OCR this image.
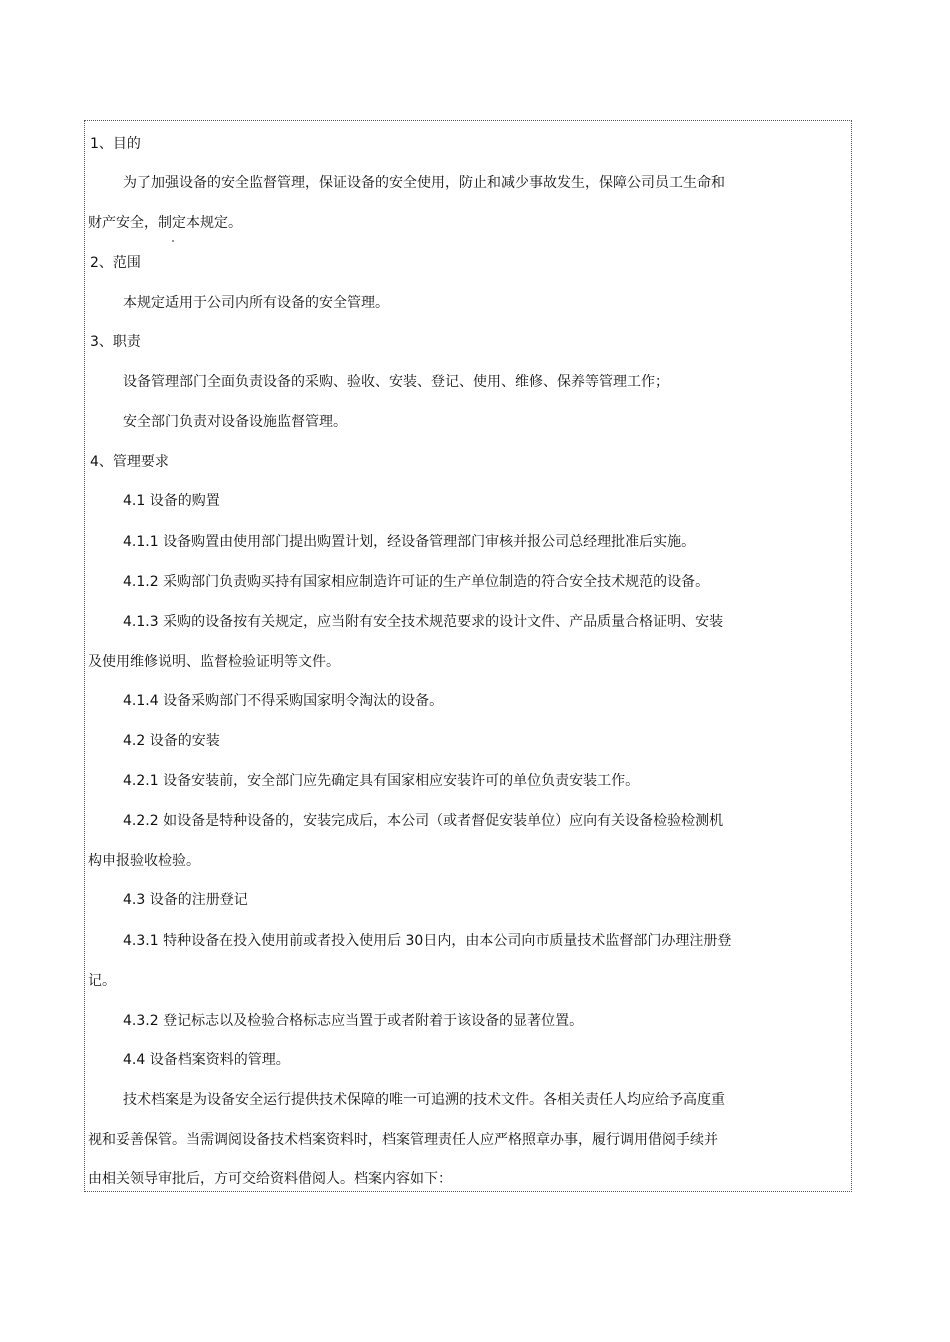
1、目的
为了加强设备的安全监督管理，保证设备的安全使用，防止和减少事故发生，保障公司员工生命和
财产安全，制定本规定。
2、范围
本规定适用于公司内所有设备的安全管理。
3、职责
设备管理部门全面负责设备的采购、验收、安装、登记、使用、维修、保养等管理工作；
安全部门负责对设备设施监督管理。
4、管理要求
4.1 设备的购置
4.1.1 设备购置由使用部门提出购置计划，经设备管理部门审核并报公司总经理批准后实施。
4.1.2 采购部门负责购买持有国家相应制造许可证的生产单位制造的符合安全技术规范的设备。
4.1.3 采购的设备按有关规定，应当附有安全技术规范要求的设计文件、产品质量合格证明、安装
及使用维修说明、监督检验证明等文件。
4.1.4 设备采购部门不得采购国家明令淘汰的设备。
4.2 设备的安装
4.2.1 设备安装前，安全部门应先确定具有国家相应安装许可的单位负责安装工作。
4.2.2 如设备是特种设备的，安装完成后，本公司（或者督促安装单位）应向有关设备检验检测机
构申报验收检验。
4.3 设备的注册登记
4.3.1 特种设备在投入使用前或者投入使用后 30日内，由本公司向市质量技术监督部门办理注册登
记。
4.3.2 登记标志以及检验合格标志应当置于或者附着于该设备的显著位置。
4.4 设备档案资料的管理。
技术档案是为设备安全运行提供技术保障的唯一可追溯的技术文件。各相关责任人均应给予高度重
视和妥善保管。当需调阅设备技术档案资料时，档案管理责任人应严格照章办事，履行调用借阅手续并
由相关领导审批后，方可交给资料借阅人。档案内容如下：
